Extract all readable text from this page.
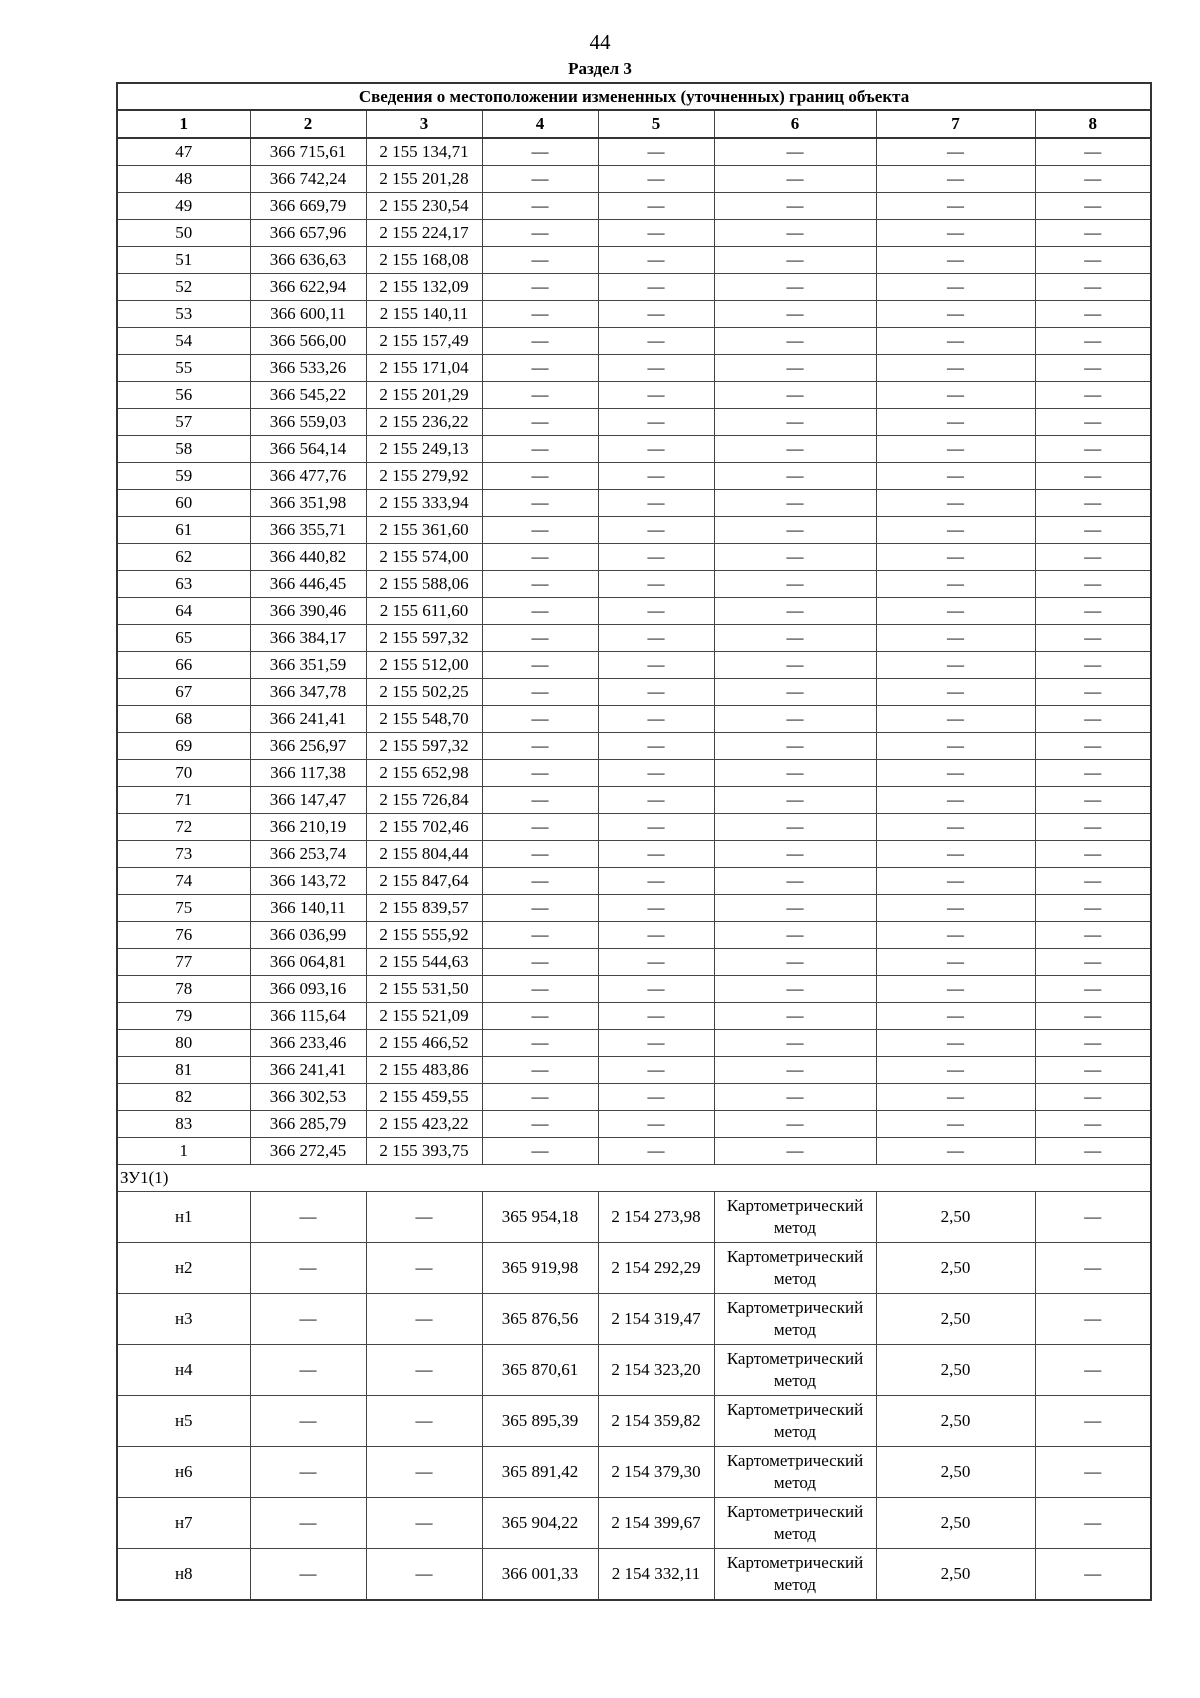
44
Раздел 3
Сведения о местоположении измененных (уточненных) границ объекта							
1	2	3	4	5	6	7	8
47	366 715,61	2 155 134,71	—	—	—	—	—
48	366 742,24	2 155 201,28	—	—	—	—	—
49	366 669,79	2 155 230,54	—	—	—	—	—
50	366 657,96	2 155 224,17	—	—	—	—	—
51	366 636,63	2 155 168,08	—	—	—	—	—
52	366 622,94	2 155 132,09	—	—	—	—	—
53	366 600,11	2 155 140,11	—	—	—	—	—
54	366 566,00	2 155 157,49	—	—	—	—	—
55	366 533,26	2 155 171,04	—	—	—	—	—
56	366 545,22	2 155 201,29	—	—	—	—	—
57	366 559,03	2 155 236,22	—	—	—	—	—
58	366 564,14	2 155 249,13	—	—	—	—	—
59	366 477,76	2 155 279,92	—	—	—	—	—
60	366 351,98	2 155 333,94	—	—	—	—	—
61	366 355,71	2 155 361,60	—	—	—	—	—
62	366 440,82	2 155 574,00	—	—	—	—	—
63	366 446,45	2 155 588,06	—	—	—	—	—
64	366 390,46	2 155 611,60	—	—	—	—	—
65	366 384,17	2 155 597,32	—	—	—	—	—
66	366 351,59	2 155 512,00	—	—	—	—	—
67	366 347,78	2 155 502,25	—	—	—	—	—
68	366 241,41	2 155 548,70	—	—	—	—	—
69	366 256,97	2 155 597,32	—	—	—	—	—
70	366 117,38	2 155 652,98	—	—	—	—	—
71	366 147,47	2 155 726,84	—	—	—	—	—
72	366 210,19	2 155 702,46	—	—	—	—	—
73	366 253,74	2 155 804,44	—	—	—	—	—
74	366 143,72	2 155 847,64	—	—	—	—	—
75	366 140,11	2 155 839,57	—	—	—	—	—
76	366 036,99	2 155 555,92	—	—	—	—	—
77	366 064,81	2 155 544,63	—	—	—	—	—
78	366 093,16	2 155 531,50	—	—	—	—	—
79	366 115,64	2 155 521,09	—	—	—	—	—
80	366 233,46	2 155 466,52	—	—	—	—	—
81	366 241,41	2 155 483,86	—	—	—	—	—
82	366 302,53	2 155 459,55	—	—	—	—	—
83	366 285,79	2 155 423,22	—	—	—	—	—
1	366 272,45	2 155 393,75	—	—	—	—	—
ЗУ1(1)							
н1	—	—	365 954,18	2 154 273,98	Картометрический метод	2,50	—
н2	—	—	365 919,98	2 154 292,29	Картометрический метод	2,50	—
н3	—	—	365 876,56	2 154 319,47	Картометрический метод	2,50	—
н4	—	—	365 870,61	2 154 323,20	Картометрический метод	2,50	—
н5	—	—	365 895,39	2 154 359,82	Картометрический метод	2,50	—
н6	—	—	365 891,42	2 154 379,30	Картометрический метод	2,50	—
н7	—	—	365 904,22	2 154 399,67	Картометрический метод	2,50	—
н8	—	—	366 001,33	2 154 332,11	Картометрический метод	2,50	—
